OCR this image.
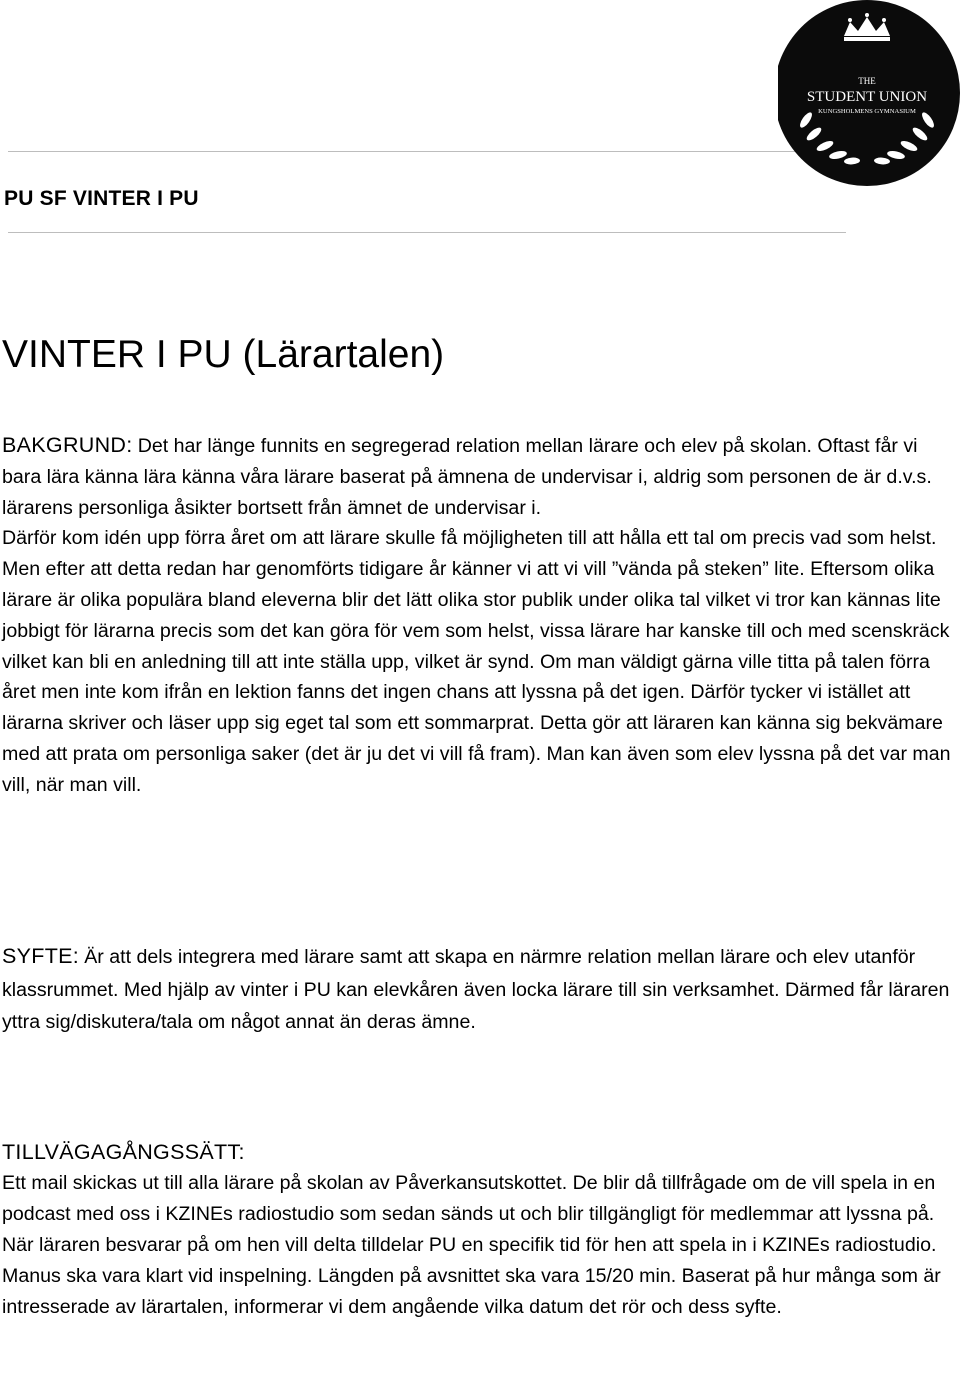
THE
STUDENT UNION
KUNGSHOLMENS GYMNASIUM
PU SF VINTER I PU
VINTER I PU (Lärartalen)

BAKGRUND: Det har länge funnits en segregerad relation mellan lärare och elev på skolan. Oftast får vi bara lära känna lära känna våra lärare baserat på ämnena de undervisar i, aldrig som personen de är d.v.s. lärarens personliga åsikter bortsett från ämnet de undervisar i.

Därför kom idén upp förra året om att lärare skulle få möjligheten till att hålla ett tal om precis vad som helst. Men efter att detta redan har genomförts tidigare år känner vi att vi vill ”vända på steken” lite. Eftersom olika lärare är olika populära bland eleverna blir det lätt olika stor publik under olika tal vilket vi tror kan kännas lite jobbigt för lärarna precis som det kan göra för vem som helst, vissa lärare har kanske till och med scenskräck vilket kan bli en anledning till att inte ställa upp, vilket är synd. Om man väldigt gärna ville titta på talen förra året men inte kom ifrån en lektion fanns det ingen chans att lyssna på det igen. Därför tycker vi istället att lärarna skriver och läser upp sig eget tal som ett sommarprat. Detta gör att läraren kan känna sig bekvämare med att prata om personliga saker (det är ju det vi vill få fram). Man kan även som elev lyssna på det var man vill, när man vill.

SYFTE: Är att dels integrera med lärare samt att skapa en närmre relation mellan lärare och elev utanför klassrummet. Med hjälp av vinter i PU kan elevkåren även locka lärare till sin verksamhet. Därmed får läraren yttra sig/diskutera/tala om något annat än deras ämne.

TILLVÄGAGÅNGSSÄTT:

Ett mail skickas ut till alla lärare på skolan av Påverkansutskottet. De blir då tillfrågade om de vill spela in en podcast med oss i KZINEs radiostudio som sedan sänds ut och blir tillgängligt för medlemmar att lyssna på. När läraren besvarar på om hen vill delta tilldelar PU en specifik tid för hen att spela in i KZINEs radiostudio. Manus ska vara klart vid inspelning. Längden på avsnittet ska vara 15/20 min. Baserat på hur många som är intresserade av lärartalen, informerar vi dem angående vilka datum det rör och dess syfte.
